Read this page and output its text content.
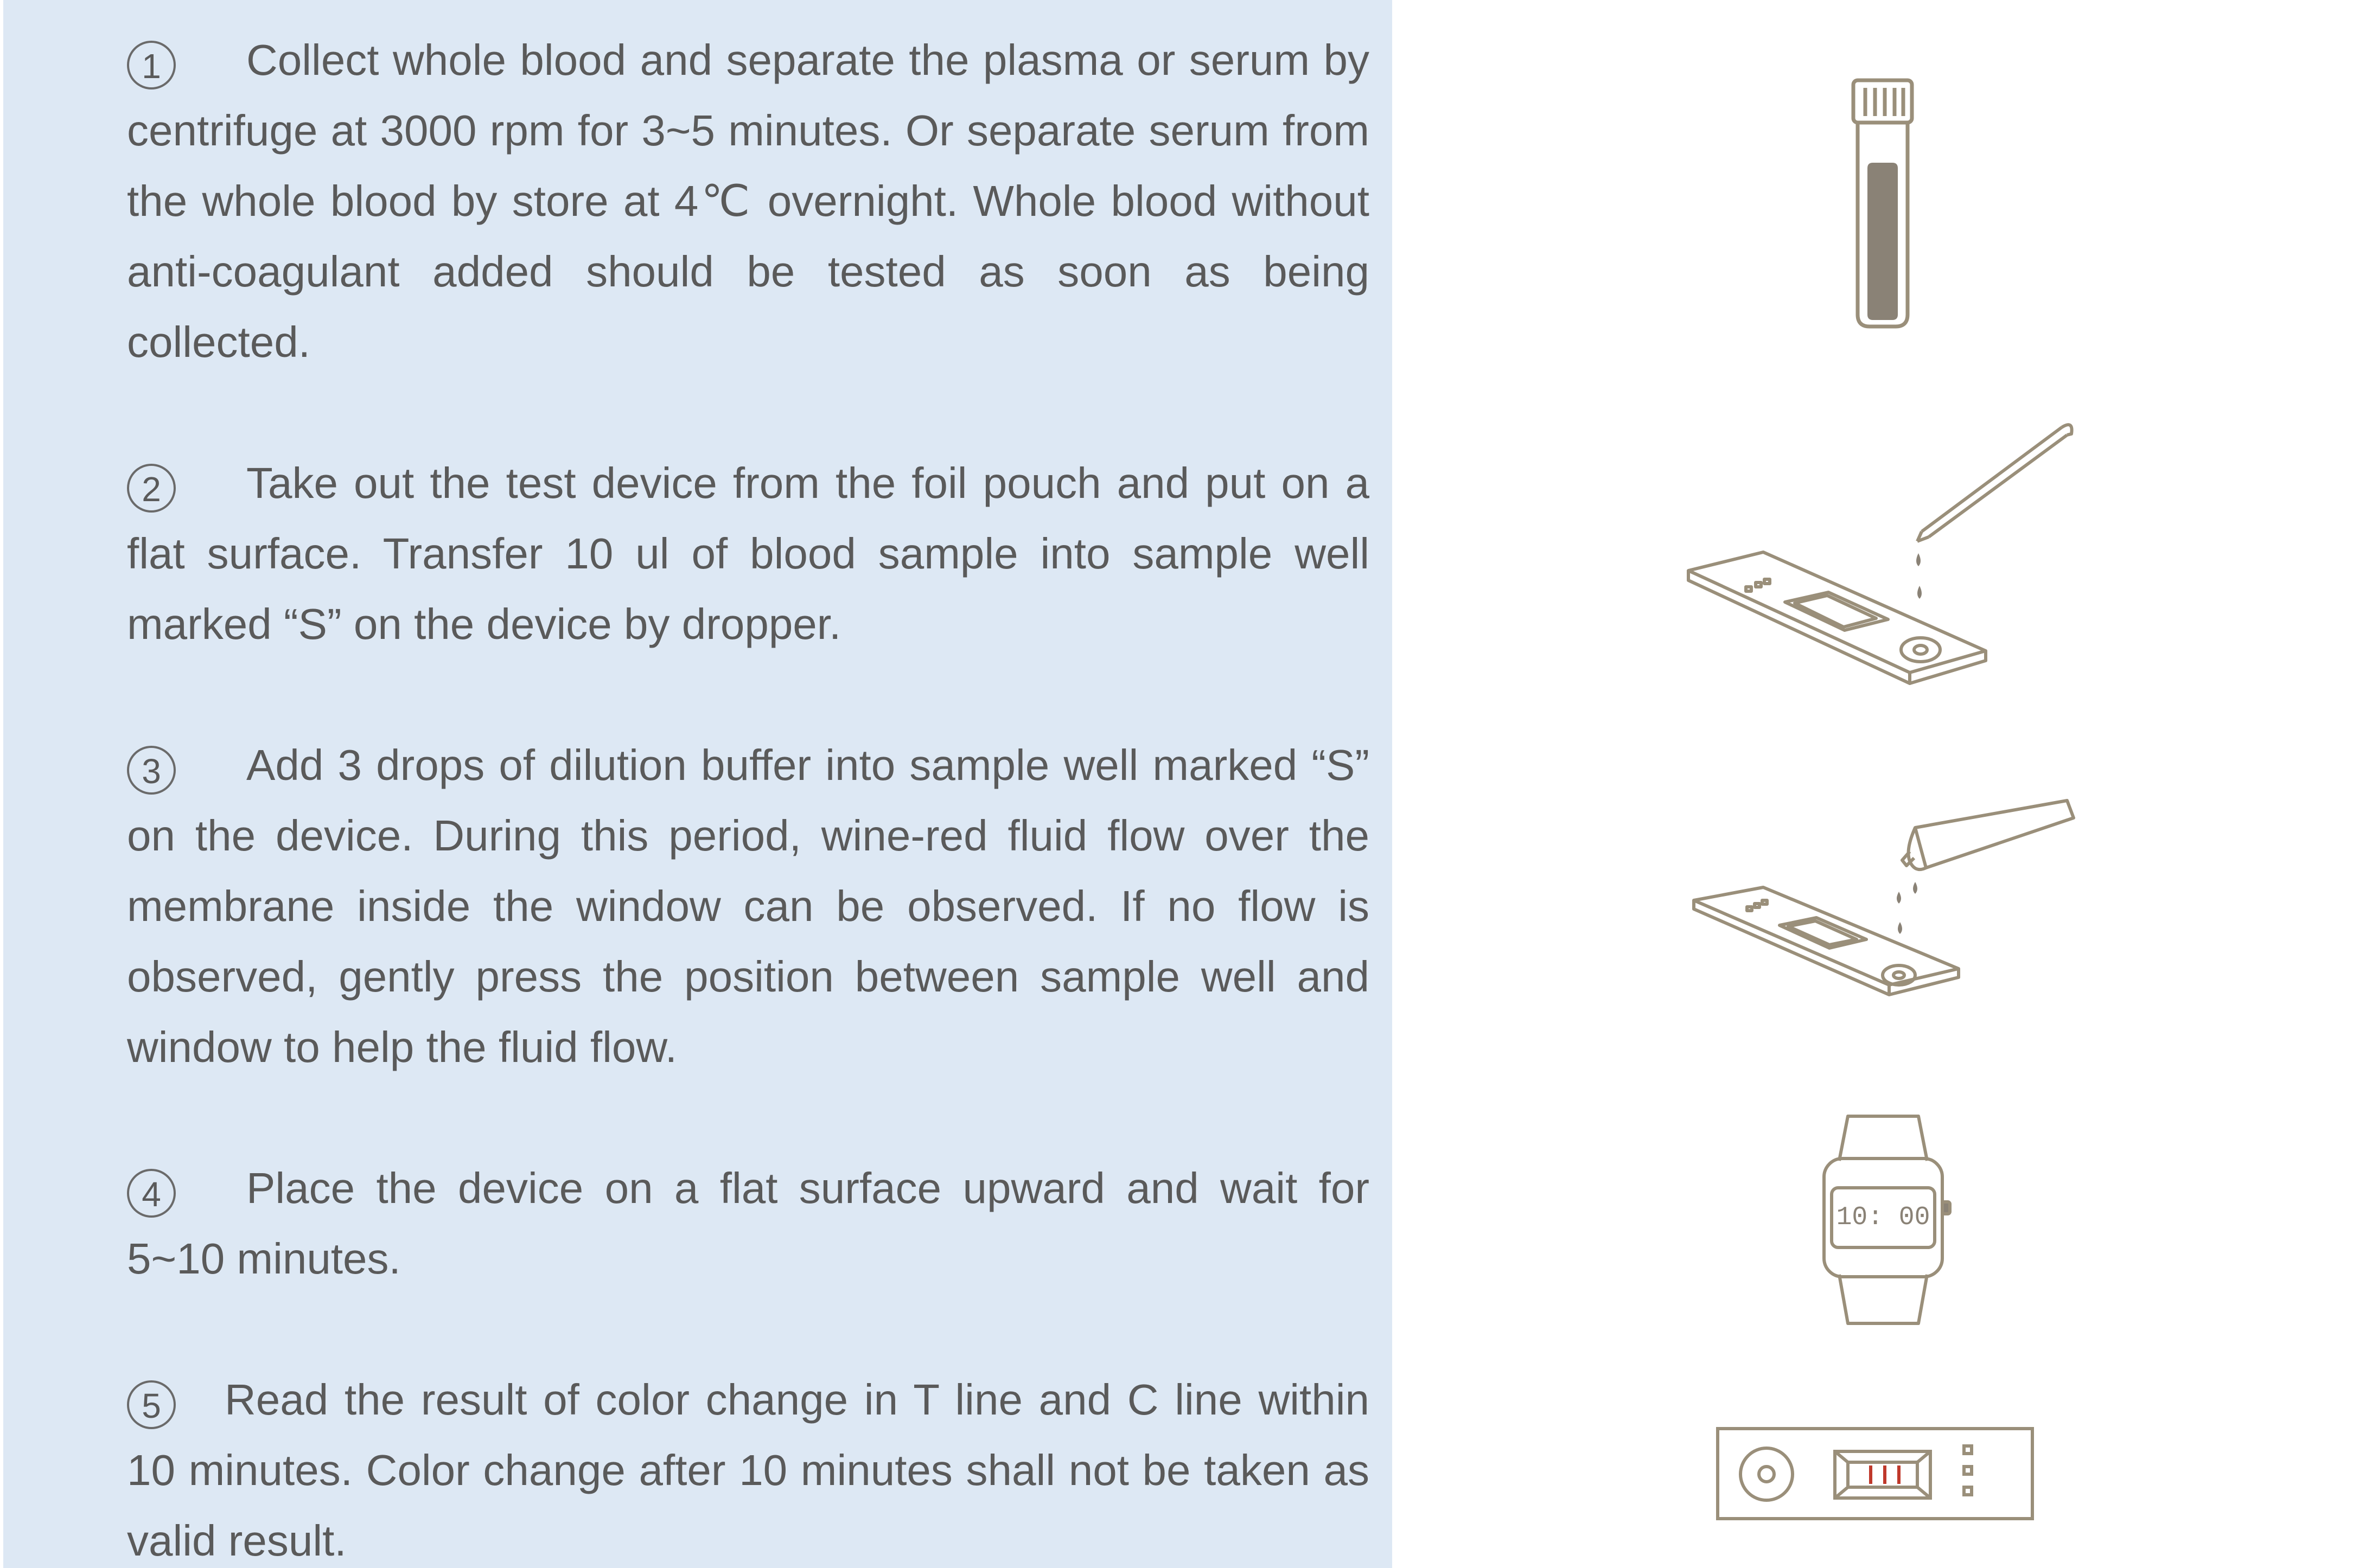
1 Collect whole blood and separate the plasma or serum by centrifuge at 3000 rpm for 3~5 minutes. Or separate serum from the whole blood by store at 4℃ overnight. Whole blood without anti-coagulant added should be tested as soon as being collected.
2 Take out the test device from the foil pouch and put on a flat surface. Transfer 10 ul of blood sample into sample well marked “S” on the device by dropper.
3 Add 3 drops of dilution buffer into sample well marked “S” on the device. During this period, wine-red fluid flow over the membrane inside the window can be observed. If no flow is observed, gently press the position between sample well and window to help the fluid flow.
4 Place the device on a flat surface upward and wait for 5~10 minutes.
5 Read the result of color change in T line and C line within 10 minutes. Color change after 10 minutes shall not be taken as valid result.
10: 00
